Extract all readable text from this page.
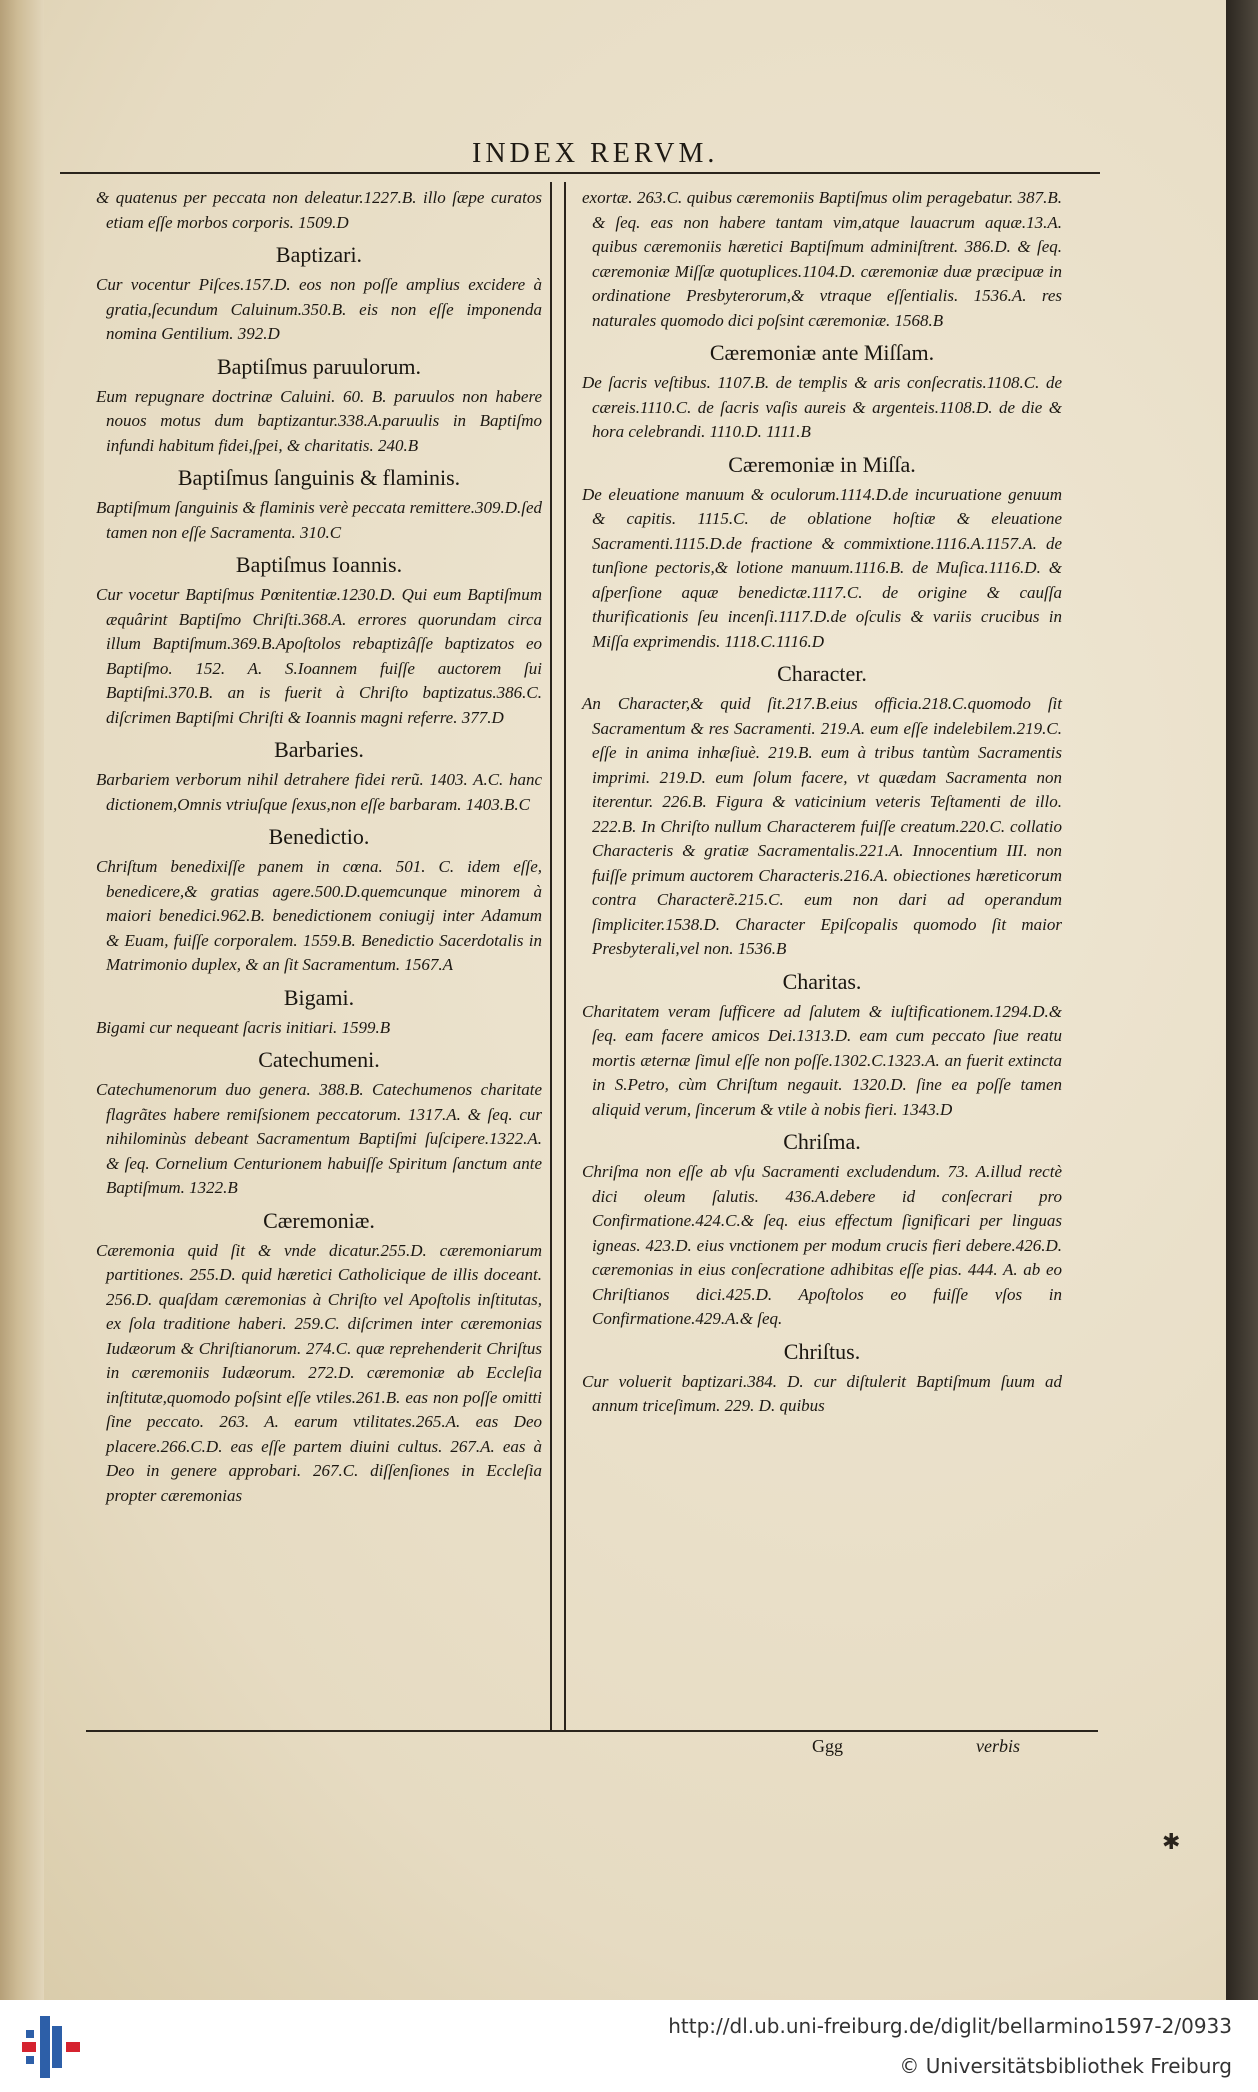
INDEX RERVM.
& quatenus per peccata non deleatur.1227.B. illo ſæpe curatos etiam eſſe morbos corporis. 1509.D
Baptizari.
Cur vocentur Piſces.157.D. eos non poſſe amplius excidere à gratia,ſecundum Caluinum.350.B. eis non eſſe imponenda nomina Gentilium. 392.D
Baptiſmus paruulorum.
Eum repugnare doctrinæ Caluini. 60. B. paruulos non habere nouos motus dum baptizantur.338.A.paruulis in Baptiſmo infundi habitum fidei,ſpei, & charitatis. 240.B
Baptiſmus ſanguinis & flaminis.
Baptiſmum ſanguinis & flaminis verè peccata remittere.309.D.ſed tamen non eſſe Sacramenta. 310.C
Baptiſmus Ioannis.
Cur vocetur Baptiſmus Pœnitentiæ.1230.D. Qui eum Baptiſmum æquârint Baptiſmo Chriſti.368.A. errores quorundam circa illum Baptiſmum.369.B.Apoſtolos rebaptizâſſe baptizatos eo Baptiſmo. 152. A. S.Ioannem fuiſſe auctorem ſui Baptiſmi.370.B. an is fuerit à Chriſto baptizatus.386.C. diſcrimen Baptiſmi Chriſti & Ioannis magni referre. 377.D
Barbaries.
Barbariem verborum nihil detrahere fidei rerũ. 1403. A.C. hanc dictionem,Omnis vtriuſque ſexus,non eſſe barbaram. 1403.B.C
Benedictio.
Chriſtum benedixiſſe panem in cœna. 501. C. idem eſſe, benedicere,& gratias agere.500.D.quemcunque minorem à maiori benedici.962.B. benedictionem coniugij inter Adamum & Euam, fuiſſe corporalem. 1559.B. Benedictio Sacerdotalis in Matrimonio duplex, & an ſit Sacramentum. 1567.A
Bigami.
Bigami cur nequeant ſacris initiari. 1599.B
Catechumeni.
Catechumenorum duo genera. 388.B. Catechumenos charitate flagrãtes habere remiſsionem peccatorum. 1317.A. & ſeq. cur nihilominùs debeant Sacramentum Baptiſmi ſuſcipere.1322.A. & ſeq. Cornelium Centurionem habuiſſe Spiritum ſanctum ante Baptiſmum. 1322.B
Cæremoniæ.
Cæremonia quid ſit & vnde dicatur.255.D. cæremoniarum partitiones. 255.D. quid hæretici Catholicique de illis doceant. 256.D. quaſdam cæremonias à Chriſto vel Apoſtolis inſtitutas, ex ſola traditione haberi. 259.C. diſcrimen inter cæremonias Iudæorum & Chriſtianorum. 274.C. quæ reprehenderit Chriſtus in cæremoniis Iudæorum. 272.D. cæremoniæ ab Eccleſia inſtitutæ,quomodo poſsint eſſe vtiles.261.B. eas non poſſe omitti ſine peccato. 263. A. earum vtilitates.265.A. eas Deo placere.266.C.D. eas eſſe partem diuini cultus. 267.A. eas à Deo in genere approbari. 267.C. diſſenſiones in Eccleſia propter cæremonias
exortæ. 263.C. quibus cæremoniis Baptiſmus olim peragebatur. 387.B. & ſeq. eas non habere tantam vim,atque lauacrum aquæ.13.A. quibus cæremoniis hæretici Baptiſmum adminiſtrent. 386.D. & ſeq. cæremoniæ Miſſæ quotuplices.1104.D. cæremoniæ duæ præcipuæ in ordinatione Presbyterorum,& vtraque eſſentialis. 1536.A. res naturales quomodo dici poſsint cæremoniæ. 1568.B
Cæremoniæ ante Miſſam.
De ſacris veſtibus. 1107.B. de templis & aris conſecratis.1108.C. de cæreis.1110.C. de ſacris vaſis aureis & argenteis.1108.D. de die & hora celebrandi. 1110.D. 1111.B
Cæremoniæ in Miſſa.
De eleuatione manuum & oculorum.1114.D.de incuruatione genuum & capitis. 1115.C. de oblatione hoſtiæ & eleuatione Sacramenti.1115.D.de fractione & commixtione.1116.A.1157.A. de tunſione pectoris,& lotione manuum.1116.B. de Muſica.1116.D. & aſperſione aquæ benedictæ.1117.C. de origine & cauſſa thurificationis ſeu incenſi.1117.D.de oſculis & variis crucibus in Miſſa exprimendis. 1118.C.1116.D
Character.
An Character,& quid ſit.217.B.eius officia.218.C.quomodo ſit Sacramentum & res Sacramenti. 219.A. eum eſſe indelebilem.219.C. eſſe in anima inhæſiuè. 219.B. eum à tribus tantùm Sacramentis imprimi. 219.D. eum ſolum facere, vt quædam Sacramenta non iterentur. 226.B. Figura & vaticinium veteris Teſtamenti de illo. 222.B. In Chriſto nullum Characterem fuiſſe creatum.220.C. collatio Characteris & gratiæ Sacramentalis.221.A. Innocentium III. non fuiſſe primum auctorem Characteris.216.A. obiectiones hæreticorum contra Characterẽ.215.C. eum non dari ad operandum ſimpliciter.1538.D. Character Epiſcopalis quomodo ſit maior Presbyterali,vel non. 1536.B
Charitas.
Charitatem veram ſufficere ad ſalutem & iuſtificationem.1294.D.& ſeq. eam facere amicos Dei.1313.D. eam cum peccato ſiue reatu mortis æternæ ſimul eſſe non poſſe.1302.C.1323.A. an fuerit extincta in S.Petro, cùm Chriſtum negauit. 1320.D. ſine ea poſſe tamen aliquid verum, ſincerum & vtile à nobis fieri. 1343.D
Chriſma.
Chriſma non eſſe ab vſu Sacramenti excludendum. 73. A.illud rectè dici oleum ſalutis. 436.A.debere id conſecrari pro Confirmatione.424.C.& ſeq. eius effectum ſignificari per linguas igneas. 423.D. eius vnctionem per modum crucis fieri debere.426.D. cæremonias in eius conſecratione adhibitas eſſe pias. 444. A. ab eo Chriſtianos dici.425.D. Apoſtolos eo fuiſſe vſos in Confirmatione.429.A.& ſeq.
Chriſtus.
Cur voluerit baptizari.384. D. cur diſtulerit Baptiſmum ſuum ad annum triceſimum. 229. D. quibus
Ggg	verbis
✱
http://dl.ub.uni-freiburg.de/diglit/bellarmino1597-2/0933
© Universitätsbibliothek Freiburg
